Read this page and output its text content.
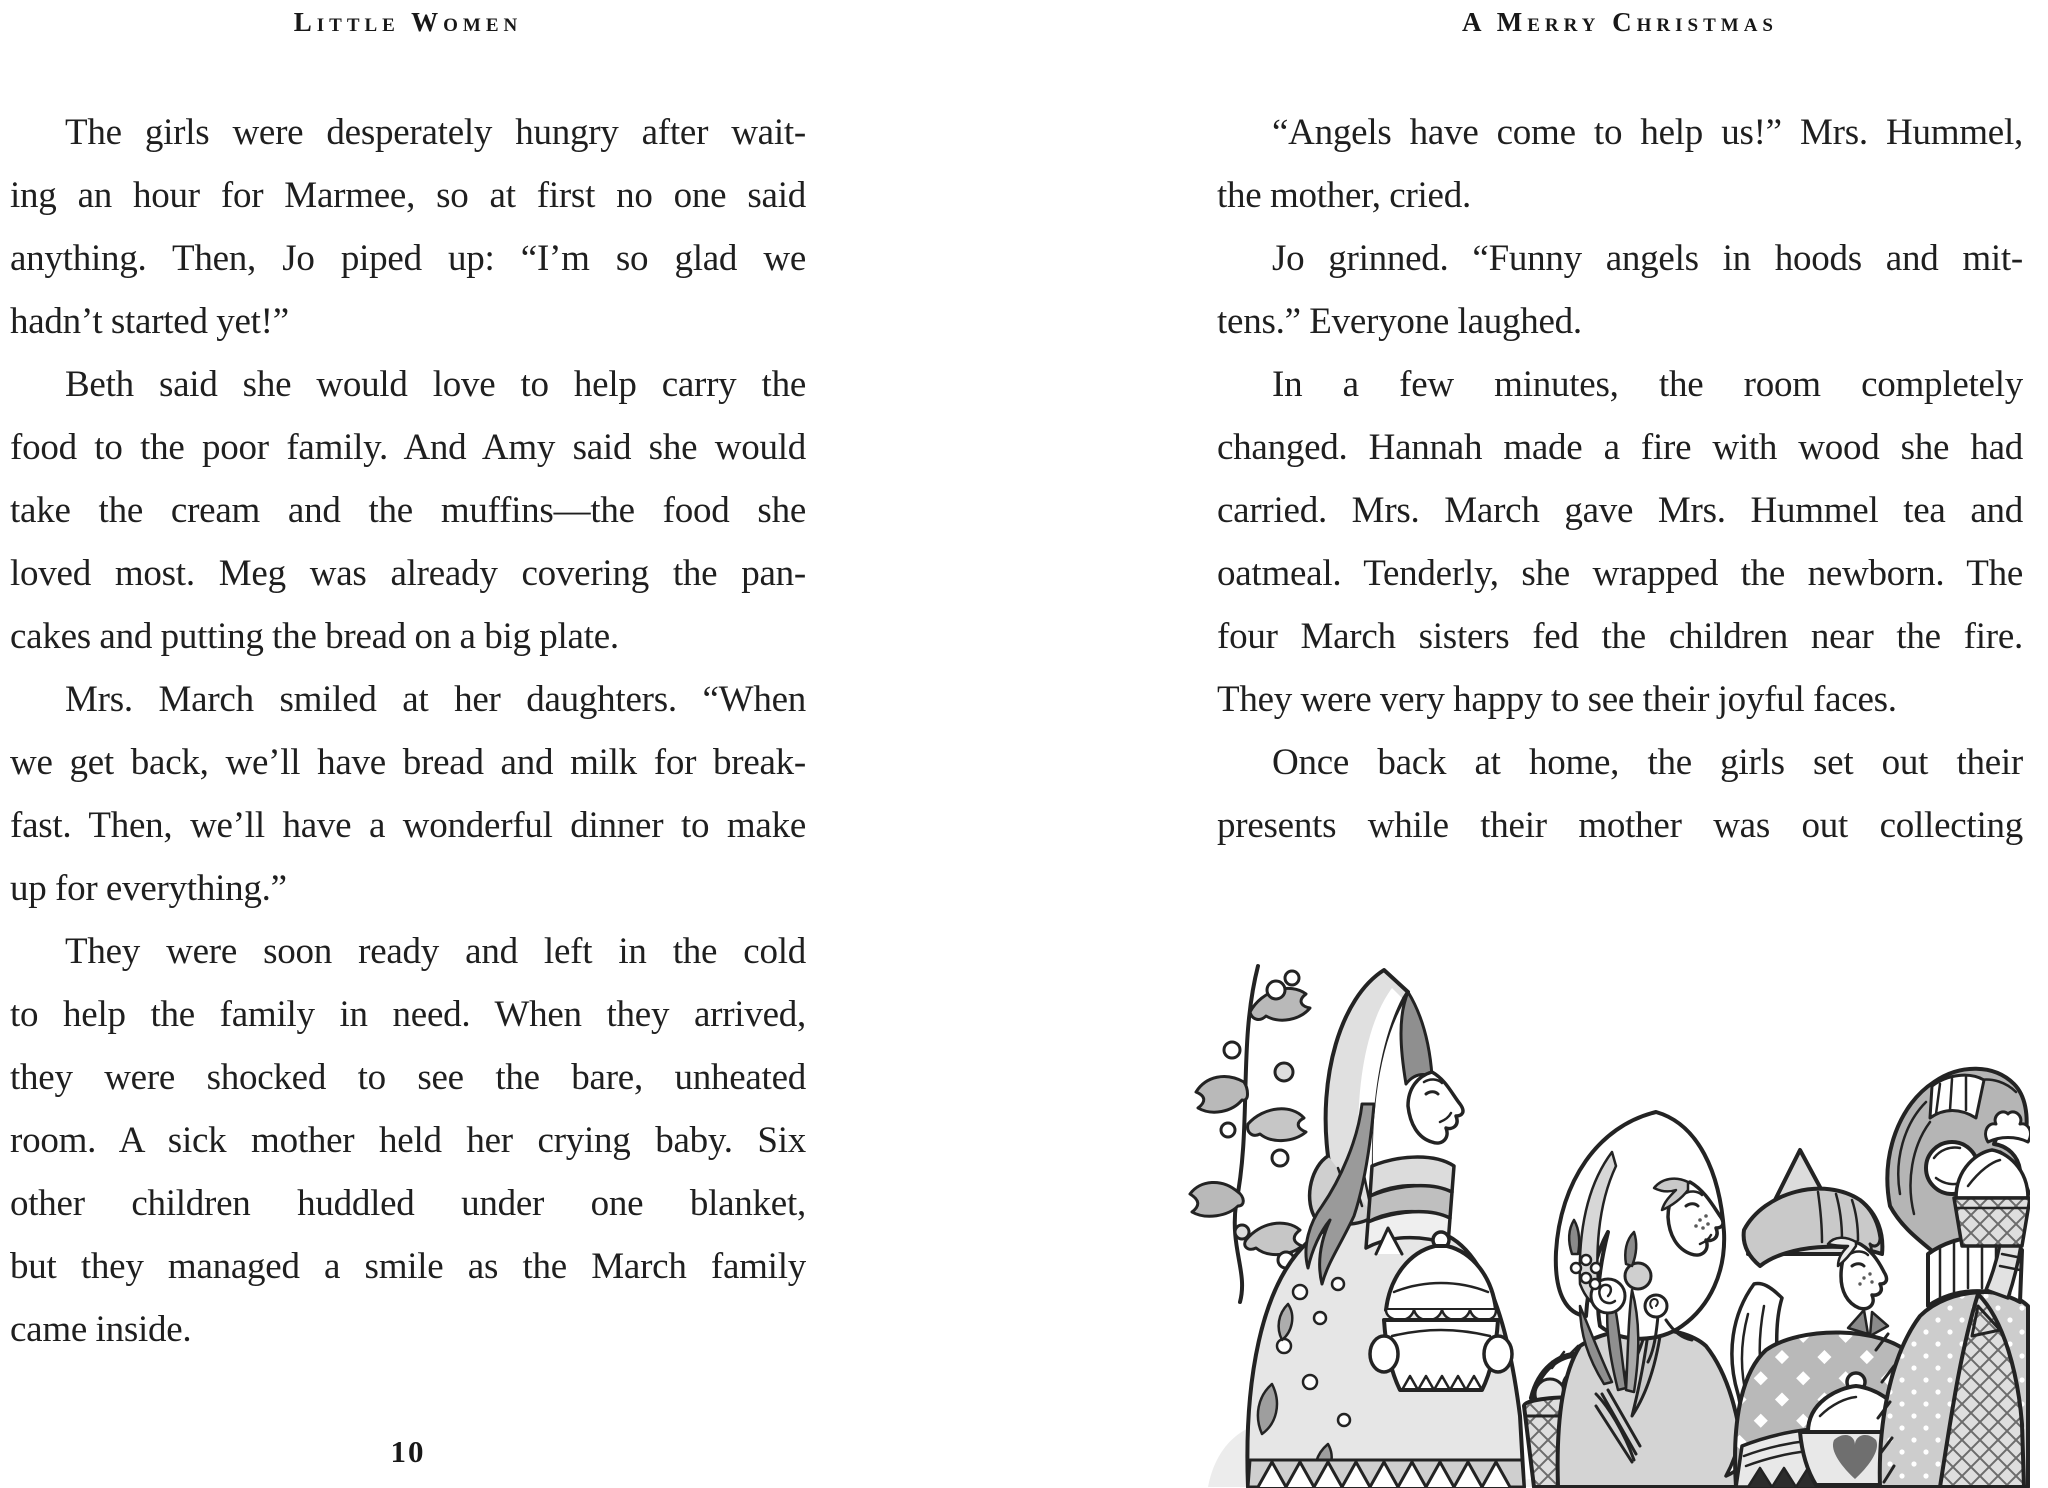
Little Women	A Merry Christmas
The girls were desperately hungry after wait-
ing an hour for Marmee, so at first no one said
anything. Then, Jo piped up: “I’m so glad we
hadn’t started yet!”
Beth said she would love to help carry the
food to the poor family. And Amy said she would
take the cream and the muffins—the food she
loved most. Meg was already covering the pan-
cakes and putting the bread on a big plate.
Mrs. March smiled at her daughters. “When
we get back, we’ll have bread and milk for break-
fast. Then, we’ll have a wonderful dinner to make
up for everything.”
They were soon ready and left in the cold
to help the family in need. When they arrived,
they were shocked to see the bare, unheated
room. A sick mother held her crying baby. Six
other children huddled under one blanket,
but they managed a smile as the March family
came inside.
“Angels have come to help us!” Mrs. Hummel,
the mother, cried.
Jo grinned. “Funny angels in hoods and mit-
tens.” Everyone laughed.
In a few minutes, the room completely
changed. Hannah made a fire with wood she had
carried. Mrs. March gave Mrs. Hummel tea and
oatmeal. Tenderly, she wrapped the newborn. The
four March sisters fed the children near the fire.
They were very happy to see their joyful faces.
Once back at home, the girls set out their
presents while their mother was out collecting
10
